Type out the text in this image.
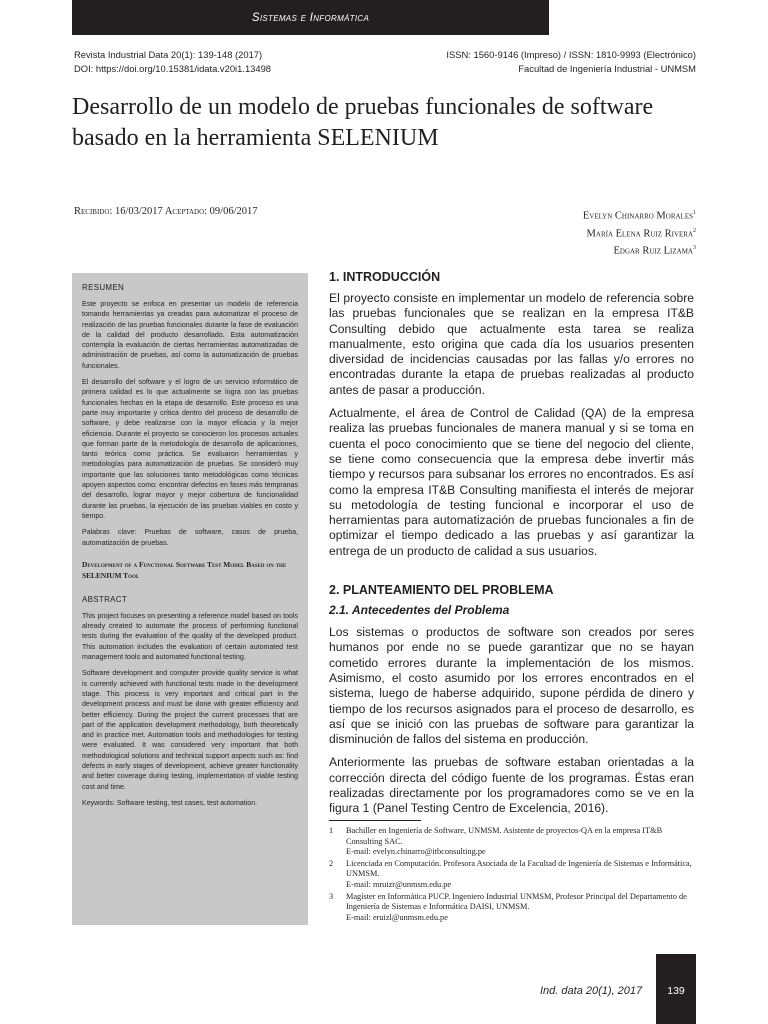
Sistemas e Informática
Revista Industrial Data 20(1): 139-148 (2017)
DOI: https://doi.org/10.15381/idata.v20i1.13498
ISSN: 1560-9146 (Impreso) / ISSN: 1810-9993 (Electrónico)
Facultad de Ingeniería Industrial - UNMSM
Desarrollo de un modelo de pruebas funcionales de software
basado en la herramienta SELENIUM
Recibido: 16/03/2017 Aceptado: 09/06/2017	Evelyn Chinarro Morales$^1$
María Elena Ruiz Rivera$^2$
Edgar Ruiz Lizama$^3$
RESUMEN

Este proyecto se enfoca en presentar un modelo de referencia tomando herramientas ya creadas para automatizar el proceso de realización de las pruebas funcionales durante la fase de evaluación de la calidad del producto desarrollado. Esta automatización contempla la evaluación de ciertas herramientas automatizadas de administración de pruebas, así como la automatización de pruebas funcionales.

El desarrollo del software y el logro de un servicio informático de primera calidad es lo que actualmente se logra con las pruebas funcionales hechas en la etapa de desarrollo. Este proceso es una parte muy importante y crítica dentro del proceso de desarrollo de software, y debe realizarse con la mayor eficacia y la mejor eficiencia. Durante el proyecto se conocieron los procesos actuales que forman parte de la metodología de desarrollo de aplicaciones, tanto teórica como práctica. Se evaluaron herramientas y metodologías para automatización de pruebas. Se consideró muy importante que las soluciones tanto metodológicas como técnicas apoyen aspectos como: encontrar defectos en fases más tempranas del desarrollo, lograr mayor y mejor cobertura de funcionalidad durante las pruebas, la ejecución de las pruebas viables en costo y tiempo.

Palabras clave: Pruebas de software, casos de prueba, automatización de pruebas.

Development of a Functional Software Test Model Based on the SELENIUM Tool
ABSTRACT

This project focuses on presenting a reference model based on tools already created to automate the process of performing functional tests during the evaluation of the quality of the developed product. This automation includes the evaluation of certain automated test management tools and automated functional testing.

Software development and computer provide quality service is what is currently achieved with functional tests made in the development stage. This process is very important and critical part in the development process and must be done with greater efficiency and better efficiency. During the project the current processes that are part of the application development methodology, both theoretically and in practice met. Automation tools and methodologies for testing were evaluated. It was considered very important that both methodological solutions and technical support aspects such as: find defects in early stages of development, achieve greater functionality and better coverage during testing, implementation of viable testing cost and time.

Keywords: Software testing, test cases, test automation.

1. INTRODUCCIÓN

El proyecto consiste en implementar un modelo de referencia sobre las pruebas funcionales que se realizan en la empresa IT&B Consulting debido que actualmente esta tarea se realiza manualmente, esto origina que cada día los usuarios presenten diversidad de incidencias causadas por las fallas y/o errores no encontradas durante la etapa de pruebas realizadas al producto antes de pasar a producción.

Actualmente, el área de Control de Calidad (QA) de la empresa realiza las pruebas funcionales de manera manual y si se toma en cuenta el poco conocimiento que se tiene del negocio del cliente, se tiene como consecuencia que la empresa debe invertir más tiempo y recursos para subsanar los errores no encontrados. Es así como la empresa IT&B Consulting manifiesta el interés de mejorar su metodología de testing funcional e incorporar el uso de herramientas para automatización de pruebas funcionales a fin de optimizar el tiempo dedicado a las pruebas y así garantizar la entrega de un producto de calidad a sus usuarios.

2. PLANTEAMIENTO DEL PROBLEMA
2.1. Antecedentes del Problema

Los sistemas o productos de software son creados por seres humanos por ende no se puede garantizar que no se hayan cometido errores durante la implementación de los mismos. Asimismo, el costo asumido por los errores encontrados en el sistema, luego de haberse adquirido, supone pérdida de dinero y tiempo de los recursos asignados para el proceso de desarrollo, es así que se inició con las pruebas de software para garantizar la disminución de fallos del sistema en producción.

Anteriormente las pruebas de software estaban orientadas a la corrección directa del código fuente de los programas. Éstas eran realizadas directamente por los programadores como se ve en la figura 1 (Panel Testing Centro de Excelencia, 2016).

1	Bachiller en Ingeniería de Software, UNMSM. Asistente de proyectos-QA en la empresa IT&B Consulting SAC.
E-mail: evelyn.chinarro@itbconsulting.pe
2	Licenciada en Computación. Profesora Asociada de la Facultad de Ingeniería de Sistemas e Informática, UNMSM.
E-mail: mruizr@unmsm.edu.pe
3	Magíster en Informática PUCP. Ingeniero Industrial UNMSM, Profesor Principal del Departamento de Ingeniería de Sistemas e Informática DAISI, UNMSM.
E-mail: eruizl@unmsm.edu.pe
Ind. data 20(1), 2017 139
